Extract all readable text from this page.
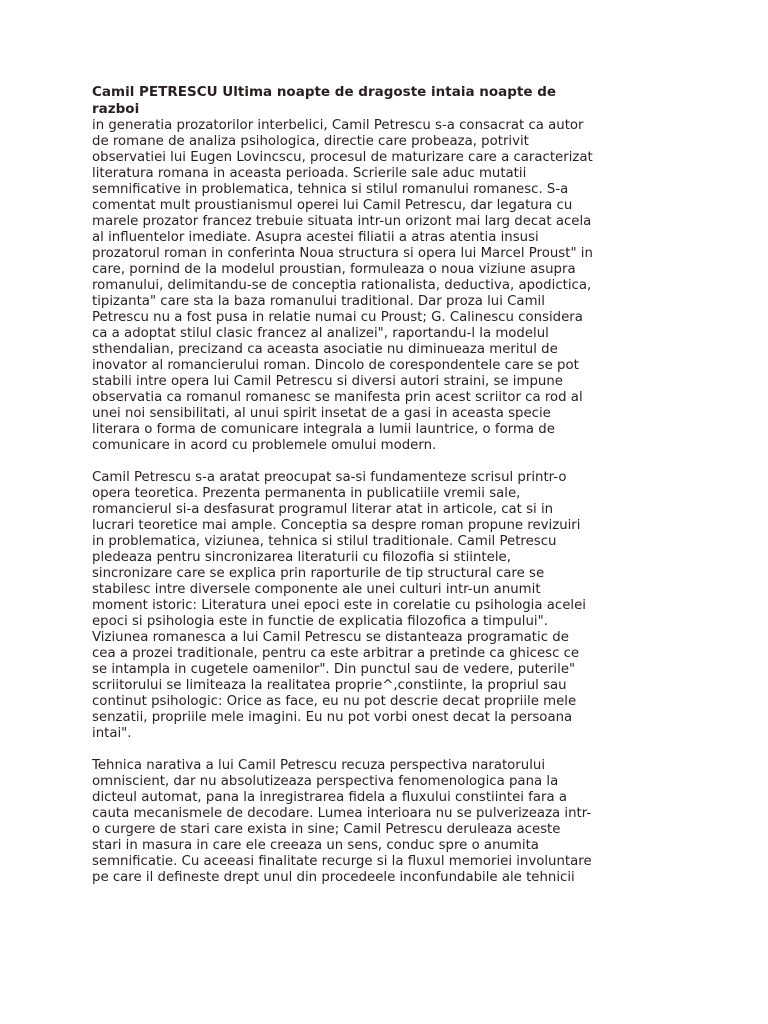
Camil PETRESCU Ultima noapte de dragoste intaia noapte de
razboi

in generatia prozatorilor interbelici, Camil Petrescu s-a consacrat ca autor
de romane de analiza psihologica, directie care probeaza, potrivit
observatiei lui Eugen Lovincscu, procesul de maturizare care a caracterizat
literatura romana in aceasta perioada. Scrierile sale aduc mutatii
semnificative in problematica, tehnica si stilul romanului romanesc. S-a
comentat mult proustianismul operei lui Camil Petrescu, dar legatura cu
marele prozator francez trebuie situata intr-un orizont mai larg decat acela
al influentelor imediate. Asupra acestei filiatii a atras atentia insusi
prozatorul roman in conferinta Noua structura si opera lui Marcel Proust" in
care, pornind de la modelul proustian, formuleaza o noua viziune asupra
romanului, delimitandu-se de conceptia rationalista, deductiva, apodictica,
tipizanta" care sta la baza romanului traditional. Dar proza lui Camil
Petrescu nu a fost pusa in relatie numai cu Proust; G. Calinescu considera
ca a adoptat stilul clasic francez al analizei", raportandu-l la modelul
sthendalian, precizand ca aceasta asociatie nu diminueaza meritul de
inovator al romancierului roman. Dincolo de corespondentele care se pot
stabili intre opera lui Camil Petrescu si diversi autori straini, se impune
observatia ca romanul romanesc se manifesta prin acest scriitor ca rod al
unei noi sensibilitati, al unui spirit insetat de a gasi in aceasta specie
literara o forma de comunicare integrala a lumii launtrice, o forma de
comunicare in acord cu problemele omului modern.

Camil Petrescu s-a aratat preocupat sa-si fundamenteze scrisul printr-o
opera teoretica. Prezenta permanenta in publicatiile vremii sale,
romancierul si-a desfasurat programul literar atat in articole, cat si in
lucrari teoretice mai ample. Conceptia sa despre roman propune revizuiri
in problematica, viziunea, tehnica si stilul traditionale. Camil Petrescu
pledeaza pentru sincronizarea literaturii cu filozofia si stiintele,
sincronizare care se explica prin raporturile de tip structural care se
stabilesc intre diversele componente ale unei culturi intr-un anumit
moment istoric: Literatura unei epoci este in corelatie cu psihologia acelei
epoci si psihologia este in functie de explicatia filozofica a timpului".
Viziunea romanesca a lui Camil Petrescu se distanteaza programatic de
cea a prozei traditionale, pentru ca este arbitrar a pretinde ca ghicesc ce
se intampla in cugetele oamenilor". Din punctul sau de vedere, puterile"
scriitorului se limiteaza la realitatea proprie^,constiinte, la propriul sau
continut psihologic: Orice as face, eu nu pot descrie decat propriile mele
senzatii, propriile mele imagini. Eu nu pot vorbi onest decat la persoana
intai".

Tehnica narativa a lui Camil Petrescu recuza perspectiva naratorului
omniscient, dar nu absolutizeaza perspectiva fenomenologica pana la
dicteul automat, pana la inregistrarea fidela a fluxului constiintei fara a
cauta mecanismele de decodare. Lumea interioara nu se pulverizeaza intr-
o curgere de stari care exista in sine; Camil Petrescu deruleaza aceste
stari in masura in care ele creeaza un sens, conduc spre o anumita
semnificatie. Cu aceeasi finalitate recurge si la fluxul memoriei involuntare
pe care il defineste drept unul din procedeele inconfundabile ale tehnicii
